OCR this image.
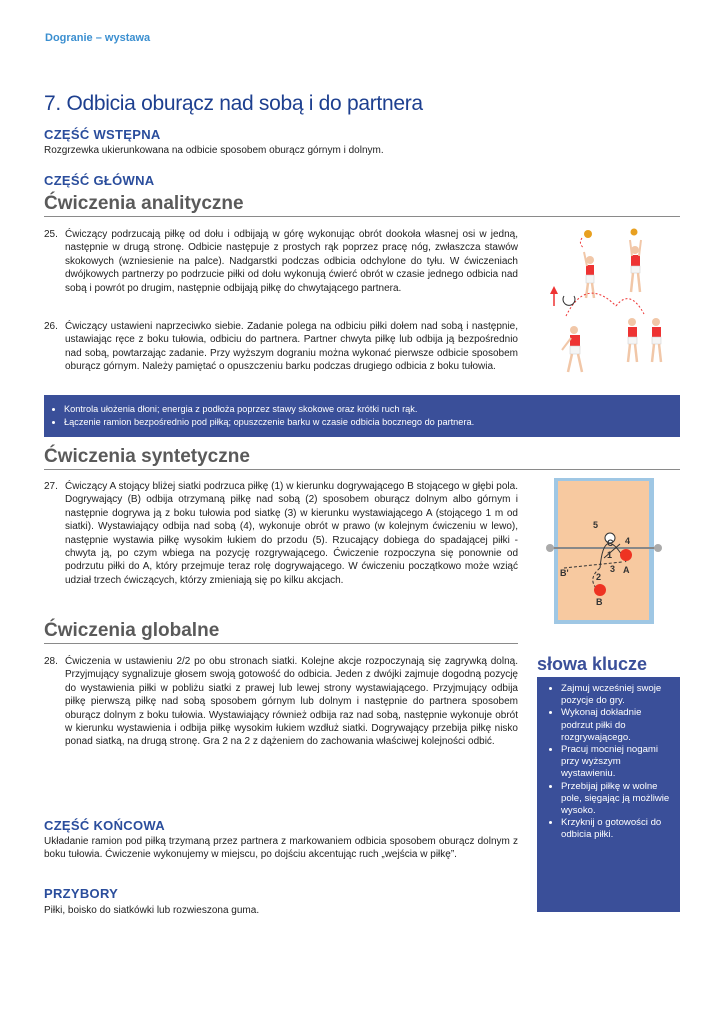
Dogranie – wystawa
7. Odbicia oburącz nad sobą i do partnera
CZĘŚĆ WSTĘPNA
Rozgrzewka ukierunkowana na odbicie sposobem oburącz górnym i dolnym.
CZĘŚĆ GŁÓWNA
Ćwiczenia analityczne
25. Ćwiczący podrzucają piłkę od dołu i odbijają w górę wykonując obrót dookoła własnej osi w jedną, następnie w drugą stronę. Odbicie następuje z prostych rąk poprzez pracę nóg, zwłaszcza stawów skokowych (wzniesienie na palce). Nadgarstki podczas odbicia odchylone do tyłu. W ćwiczeniach dwójkowych partnerzy po podrzucie piłki od dołu wykonują ćwierć obrót w czasie jednego odbicia nad sobą i powrót po drugim, następnie odbijają piłkę do chwytającego partnera.
26. Ćwiczący ustawieni naprzeciwko siebie. Zadanie polega na odbiciu piłki dołem nad sobą i następnie, ustawiając ręce z boku tułowia, odbiciu do partnera. Partner chwyta piłkę lub odbija ją bezpośrednio nad sobą, powtarzając zadanie. Przy wyższym dograniu można wykonać pierwsze odbicie sposobem oburącz górnym. Należy pamiętać o opuszczeniu barku podczas drugiego odbicia z boku tułowia.
• Kontrola ułożenia dłoni; energia z podłoża poprzez stawy skokowe oraz krótki ruch rąk.
• Łączenie ramion bezpośrednio pod piłką; opuszczenie barku w czasie odbicia bocznego do partnera.
Ćwiczenia syntetyczne
27. Ćwiczący A stojący bliżej siatki podrzuca piłkę (1) w kierunku dogrywającego B stojącego w głębi pola. Dogrywający (B) odbija otrzymaną piłkę nad sobą (2) sposobem oburącz dolnym albo górnym i następnie dogrywa ją z boku tułowia pod siatkę (3) w kierunku wystawiającego A (stojącego 1 m od siatki). Wystawiający odbija nad sobą (4), wykonuje obrót w prawo (w kolejnym ćwiczeniu w lewo), następnie wystawia piłkę wysokim łukiem do przodu (5). Rzucający dobiega do spadającej piłki - chwyta ją, po czym wbiega na pozycję rozgrywającego. Ćwiczenie rozpoczyna się ponownie od podrzutu piłki do A, który przejmuje teraz rolę dogrywającego. W ćwiczeniu początkowo może wziąć udział trzech ćwiczących, którzy zmieniają się po kilku akcjach.
1
2
3
4
5
A
B
B'
C
Ćwiczenia globalne
28. Ćwiczenia w ustawieniu 2/2 po obu stronach siatki. Kolejne akcje rozpoczynają się zagrywką dolną. Przyjmujący sygnalizuje głosem swoją gotowość do odbicia. Jeden z dwójki zajmuje dogodną pozycję do wystawienia piłki w pobliżu siatki z prawej lub lewej strony wystawiającego. Przyjmujący odbija piłkę pierwszą piłkę nad sobą sposobem górnym lub dolnym i następnie do partnera sposobem oburącz dolnym z boku tułowia. Wystawiający również odbija raz nad sobą, następnie wykonuje obrót w kierunku wystawienia i odbija piłkę wysokim łukiem wzdłuż siatki. Dogrywający przebija piłkę nisko ponad siatką, na drugą stronę. Gra 2 na 2 z dążeniem do zachowania właściwej kolejności odbić.
słowa klucze
• Zajmuj wcześniej swoje pozycje do gry.
• Wykonaj dokładnie podrzut piłki do rozgrywającego.
• Pracuj mocniej nogami przy wyższym wystawieniu.
• Przebijaj piłkę w wolne pole, sięgając ją możliwie wysoko.
• Krzyknij o gotowości do odbicia piłki.
CZĘŚĆ KOŃCOWA
Układanie ramion pod piłką trzymaną przez partnera z markowaniem odbicia sposobem oburącz dolnym z boku tułowia. Ćwiczenie wykonujemy w miejscu, po dojściu akcentując ruch „wejścia w piłkę”.
PRZYBORY
Piłki, boisko do siatkówki lub rozwieszona guma.
